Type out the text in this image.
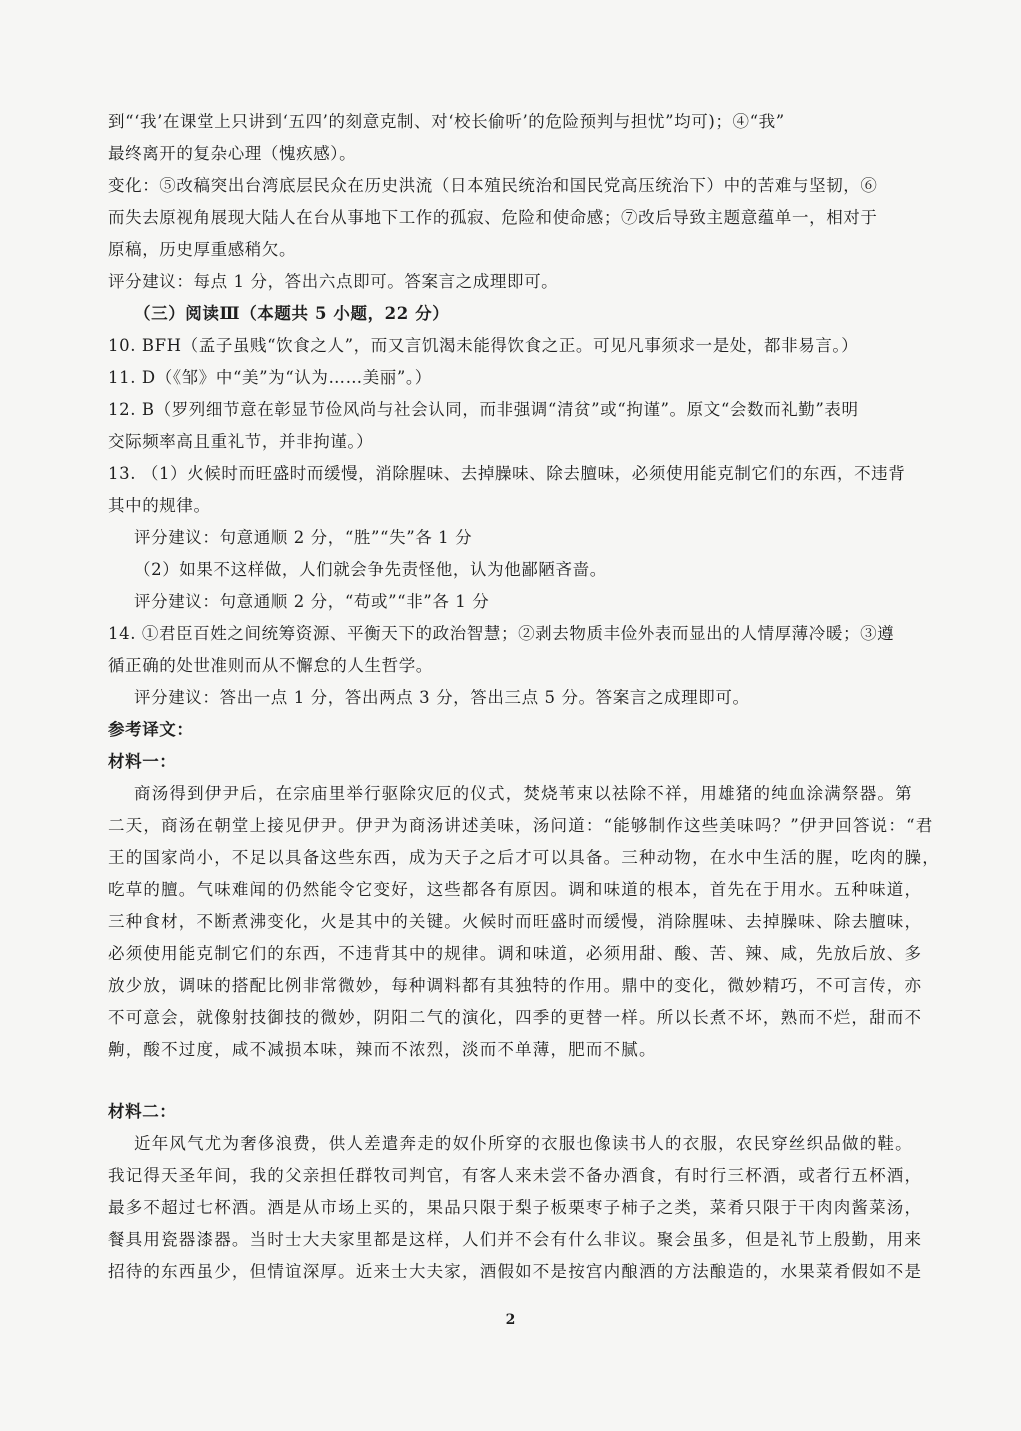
到“‘我’在课堂上只讲到‘五四’的刻意克制、对‘校长偷听’的危险预判与担忧”均可)；④“我”
最终离开的复杂心理（愧疚感）。
变化：⑤改稿突出台湾底层民众在历史洪流（日本殖民统治和国民党高压统治下）中的苦难与坚韧，⑥
而失去原视角展现大陆人在台从事地下工作的孤寂、危险和使命感；⑦改后导致主题意蕴单一，相对于
原稿，历史厚重感稍欠。
评分建议：每点 1 分，答出六点即可。答案言之成理即可。
（三）阅读Ⅲ（本题共 5 小题，22 分）
10. BFH（孟子虽贱“饮食之人”，而又言饥渴未能得饮食之正。可见凡事须求一是处，都非易言。）
11. D（《邹》中“美”为“认为……美丽”。）
12. B（罗列细节意在彰显节俭风尚与社会认同，而非强调“清贫”或“拘谨”。原文“会数而礼勤”表明
交际频率高且重礼节，并非拘谨。）
13. （1）火候时而旺盛时而缓慢，消除腥味、去掉臊味、除去膻味，必须使用能克制它们的东西，不违背
其中的规律。
评分建议：句意通顺 2 分，“胜”“失”各 1 分
（2）如果不这样做，人们就会争先责怪他，认为他鄙陋吝啬。
评分建议：句意通顺 2 分，“苟或”“非”各 1 分
14. ①君臣百姓之间统筹资源、平衡天下的政治智慧；②剥去物质丰俭外表而显出的人情厚薄冷暖；③遵
循正确的处世准则而从不懈怠的人生哲学。
评分建议：答出一点 1 分，答出两点 3 分，答出三点 5 分。答案言之成理即可。
参考译文：
材料一：
商汤得到伊尹后，在宗庙里举行驱除灾厄的仪式，焚烧苇束以祛除不祥，用雄猪的纯血涂满祭器。第
二天，商汤在朝堂上接见伊尹。伊尹为商汤讲述美味，汤问道：“能够制作这些美味吗？”伊尹回答说：“君
王的国家尚小，不足以具备这些东西，成为天子之后才可以具备。三种动物，在水中生活的腥，吃肉的臊，
吃草的膻。气味难闻的仍然能令它变好，这些都各有原因。调和味道的根本，首先在于用水。五种味道，
三种食材，不断煮沸变化，火是其中的关键。火候时而旺盛时而缓慢，消除腥味、去掉臊味、除去膻味，
必须使用能克制它们的东西，不违背其中的规律。调和味道，必须用甜、酸、苦、辣、咸，先放后放、多
放少放，调味的搭配比例非常微妙，每种调料都有其独特的作用。鼎中的变化，微妙精巧，不可言传，亦
不可意会，就像射技御技的微妙，阴阳二气的演化，四季的更替一样。所以长煮不坏，熟而不烂，甜而不
齁，酸不过度，咸不减损本味，辣而不浓烈，淡而不单薄，肥而不腻。
材料二：
近年风气尤为奢侈浪费，供人差遣奔走的奴仆所穿的衣服也像读书人的衣服，农民穿丝织品做的鞋。
我记得天圣年间，我的父亲担任群牧司判官，有客人来未尝不备办酒食，有时行三杯酒，或者行五杯酒，
最多不超过七杯酒。酒是从市场上买的，果品只限于梨子板栗枣子柿子之类，菜肴只限于干肉肉酱菜汤，
餐具用瓷器漆器。当时士大夫家里都是这样，人们并不会有什么非议。聚会虽多，但是礼节上殷勤，用来
招待的东西虽少，但情谊深厚。近来士大夫家，酒假如不是按宫内酿酒的方法酿造的，水果菜肴假如不是
2
